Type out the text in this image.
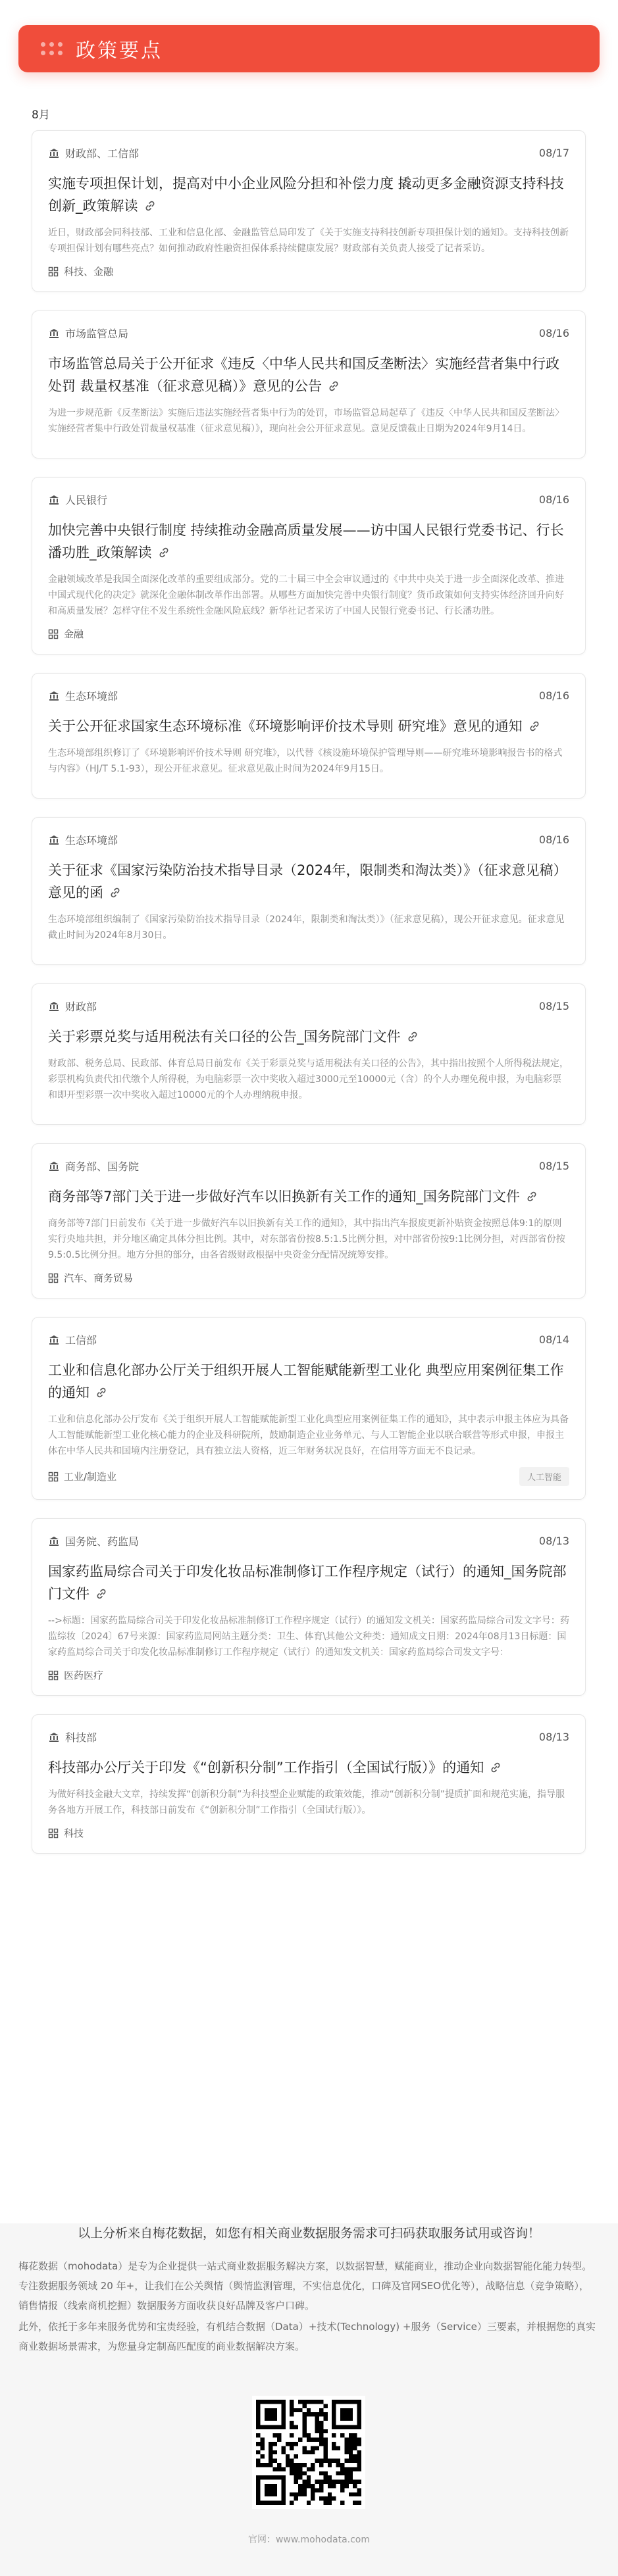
政策要点
8月
财政部、工信部	08/17
实施专项担保计划，提高对中小企业风险分担和补偿力度 撬动更多金融资源支持科技创新_政策解读
近日，财政部会同科技部、工业和信息化部、金融监管总局印发了《关于实施支持科技创新专项担保计划的通知》。支持科技创新专项担保计划有哪些亮点？如何推动政府性融资担保体系持续健康发展？财政部有关负责人接受了记者采访。
科技、金融
市场监管总局	08/16
市场监管总局关于公开征求《违反〈中华人民共和国反垄断法〉实施经营者集中行政处罚 裁量权基准（征求意见稿）》意见的公告
为进一步规范新《反垄断法》实施后违法实施经营者集中行为的处罚，市场监管总局起草了《违反〈中华人民共和国反垄断法〉实施经营者集中行政处罚裁量权基准（征求意见稿）》，现向社会公开征求意见。意见反馈截止日期为2024年9月14日。
人民银行	08/16
加快完善中央银行制度 持续推动金融高质量发展——访中国人民银行党委书记、行长潘功胜_政策解读
金融领域改革是我国全面深化改革的重要组成部分。党的二十届三中全会审议通过的《中共中央关于进一步全面深化改革、推进中国式现代化的决定》就深化金融体制改革作出部署。从哪些方面加快完善中央银行制度？货币政策如何支持实体经济回升向好和高质量发展？怎样守住不发生系统性金融风险底线？新华社记者采访了中国人民银行党委书记、行长潘功胜。
金融
生态环境部	08/16
关于公开征求国家生态环境标准《环境影响评价技术导则 研究堆》意见的通知
生态环境部组织修订了《环境影响评价技术导则 研究堆》，以代替《核设施环境保护管理导则——研究堆环境影响报告书的格式与内容》（HJ/T 5.1-93），现公开征求意见。征求意见截止时间为2024年9月15日。
生态环境部	08/16
关于征求《国家污染防治技术指导目录（2024年，限制类和淘汰类）》（征求意见稿）意见的函
生态环境部组织编制了《国家污染防治技术指导目录（2024年，限制类和淘汰类）》（征求意见稿），现公开征求意见。征求意见截止时间为2024年8月30日。
财政部	08/15
关于彩票兑奖与适用税法有关口径的公告_国务院部门文件
财政部、税务总局、民政部、体育总局日前发布《关于彩票兑奖与适用税法有关口径的公告》，其中指出按照个人所得税法规定，彩票机构负责代扣代缴个人所得税，为电脑彩票一次中奖收入超过3000元至10000元（含）的个人办理免税申报，为电脑彩票和即开型彩票一次中奖收入超过10000元的个人办理纳税申报。
商务部、国务院	08/15
商务部等7部门关于进一步做好汽车以旧换新有关工作的通知_国务院部门文件
商务部等7部门日前发布《关于进一步做好汽车以旧换新有关工作的通知》，其中指出汽车报废更新补贴资金按照总体9:1的原则实行央地共担，并分地区确定具体分担比例。其中，对东部省份按8.5:1.5比例分担，对中部省份按9:1比例分担，对西部省份按9.5:0.5比例分担。地方分担的部分，由各省级财政根据中央资金分配情况统筹安排。
汽车、商务贸易
工信部	08/14
工业和信息化部办公厅关于组织开展人工智能赋能新型工业化 典型应用案例征集工作的通知
工业和信息化部办公厅发布《关于组织开展人工智能赋能新型工业化典型应用案例征集工作的通知》，其中表示申报主体应为具备人工智能赋能新型工业化核心能力的企业及科研院所，鼓励制造企业业务单元、与人工智能企业以联合联营等形式申报，申报主体在中华人民共和国境内注册登记，具有独立法人资格，近三年财务状况良好，在信用等方面无不良记录。
工业/制造业	人工智能
国务院、药监局	08/13
国家药监局综合司关于印发化妆品标准制修订工作程序规定（试行）的通知_国务院部门文件
-->标题：国家药监局综合司关于印发化妆品标准制修订工作程序规定（试行）的通知发文机关：国家药监局综合司发文字号：药监综妆〔2024〕67号来源：国家药监局网站主题分类：卫生、体育\其他公文种类：通知成文日期：2024年08月13日标题：国家药监局综合司关于印发化妆品标准制修订工作程序规定（试行）的通知发文机关：国家药监局综合司发文字号：
医药医疗
科技部	08/13
科技部办公厅关于印发《“创新积分制”工作指引（全国试行版）》的通知
为做好科技金融大文章，持续发挥“创新积分制”为科技型企业赋能的政策效能，推动“创新积分制”提质扩面和规范实施，指导服务各地方开展工作，科技部日前发布《“创新积分制”工作指引（全国试行版）》。
科技
以上分析来自梅花数据，如您有相关商业数据服务需求可扫码获取服务试用或咨询！

梅花数据（mohodata）是专为企业提供一站式商业数据服务解决方案，以数据智慧，赋能商业，推动企业向数据智能化能力转型。专注数据服务领域 20 年+，让我们在公关舆情（舆情监测管理，不实信息优化，口碑及官网SEO优化等），战略信息（竞争策略），销售情报（线索商机挖掘）数据服务方面收获良好品牌及客户口碑。

此外，依托于多年来服务优势和宝贵经验，有机结合数据（Data）+技术(Technology) +服务（Service）三要素，并根据您的真实商业数据场景需求，为您量身定制高匹配度的商业数据解决方案。

官网：www.mohodata.com
